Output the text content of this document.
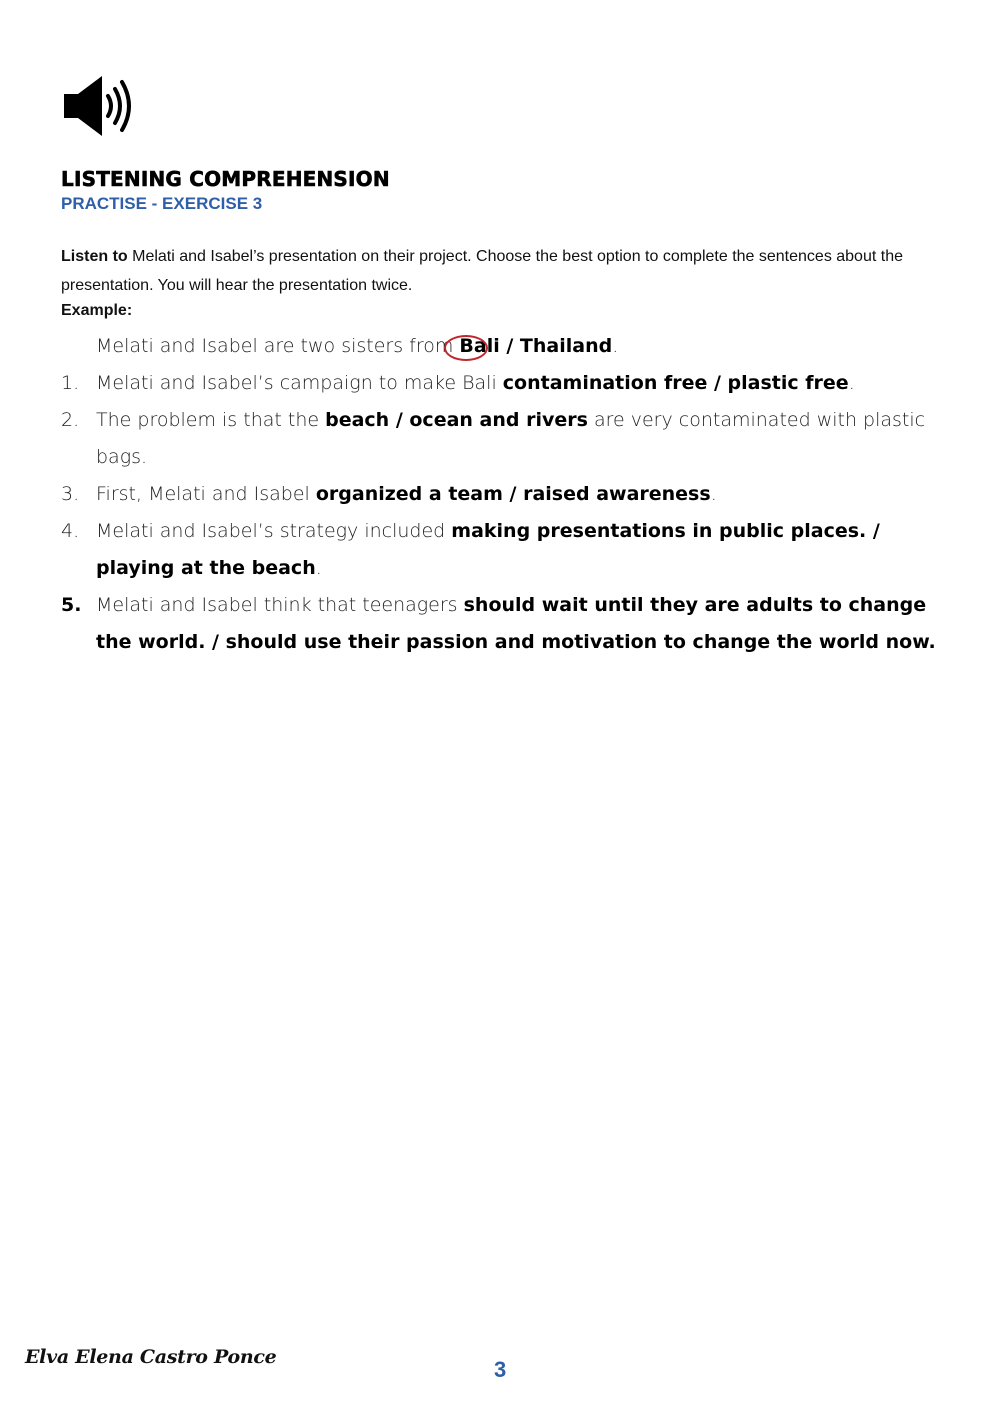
LISTENING COMPREHENSION
PRACTISE - EXERCISE 3
Listen to Melati and Isabel’s presentation on their project. Choose the best option to complete the sentences about the presentation. You will hear the presentation twice.
Example:
Melati and Isabel are two sisters from Bali / Thailand.
1. Melati and Isabel’s campaign to make Bali contamination free / plastic free.
2. The problem is that the beach / ocean and rivers are very contaminated with plastic bags.
3. First, Melati and Isabel organized a team / raised awareness.
4. Melati and Isabel’s strategy included making presentations in public places. / playing at the beach.
5. Melati and Isabel think that teenagers should wait until they are adults to change the world. / should use their passion and motivation to change the world now.
Elva Elena Castro Ponce	3
